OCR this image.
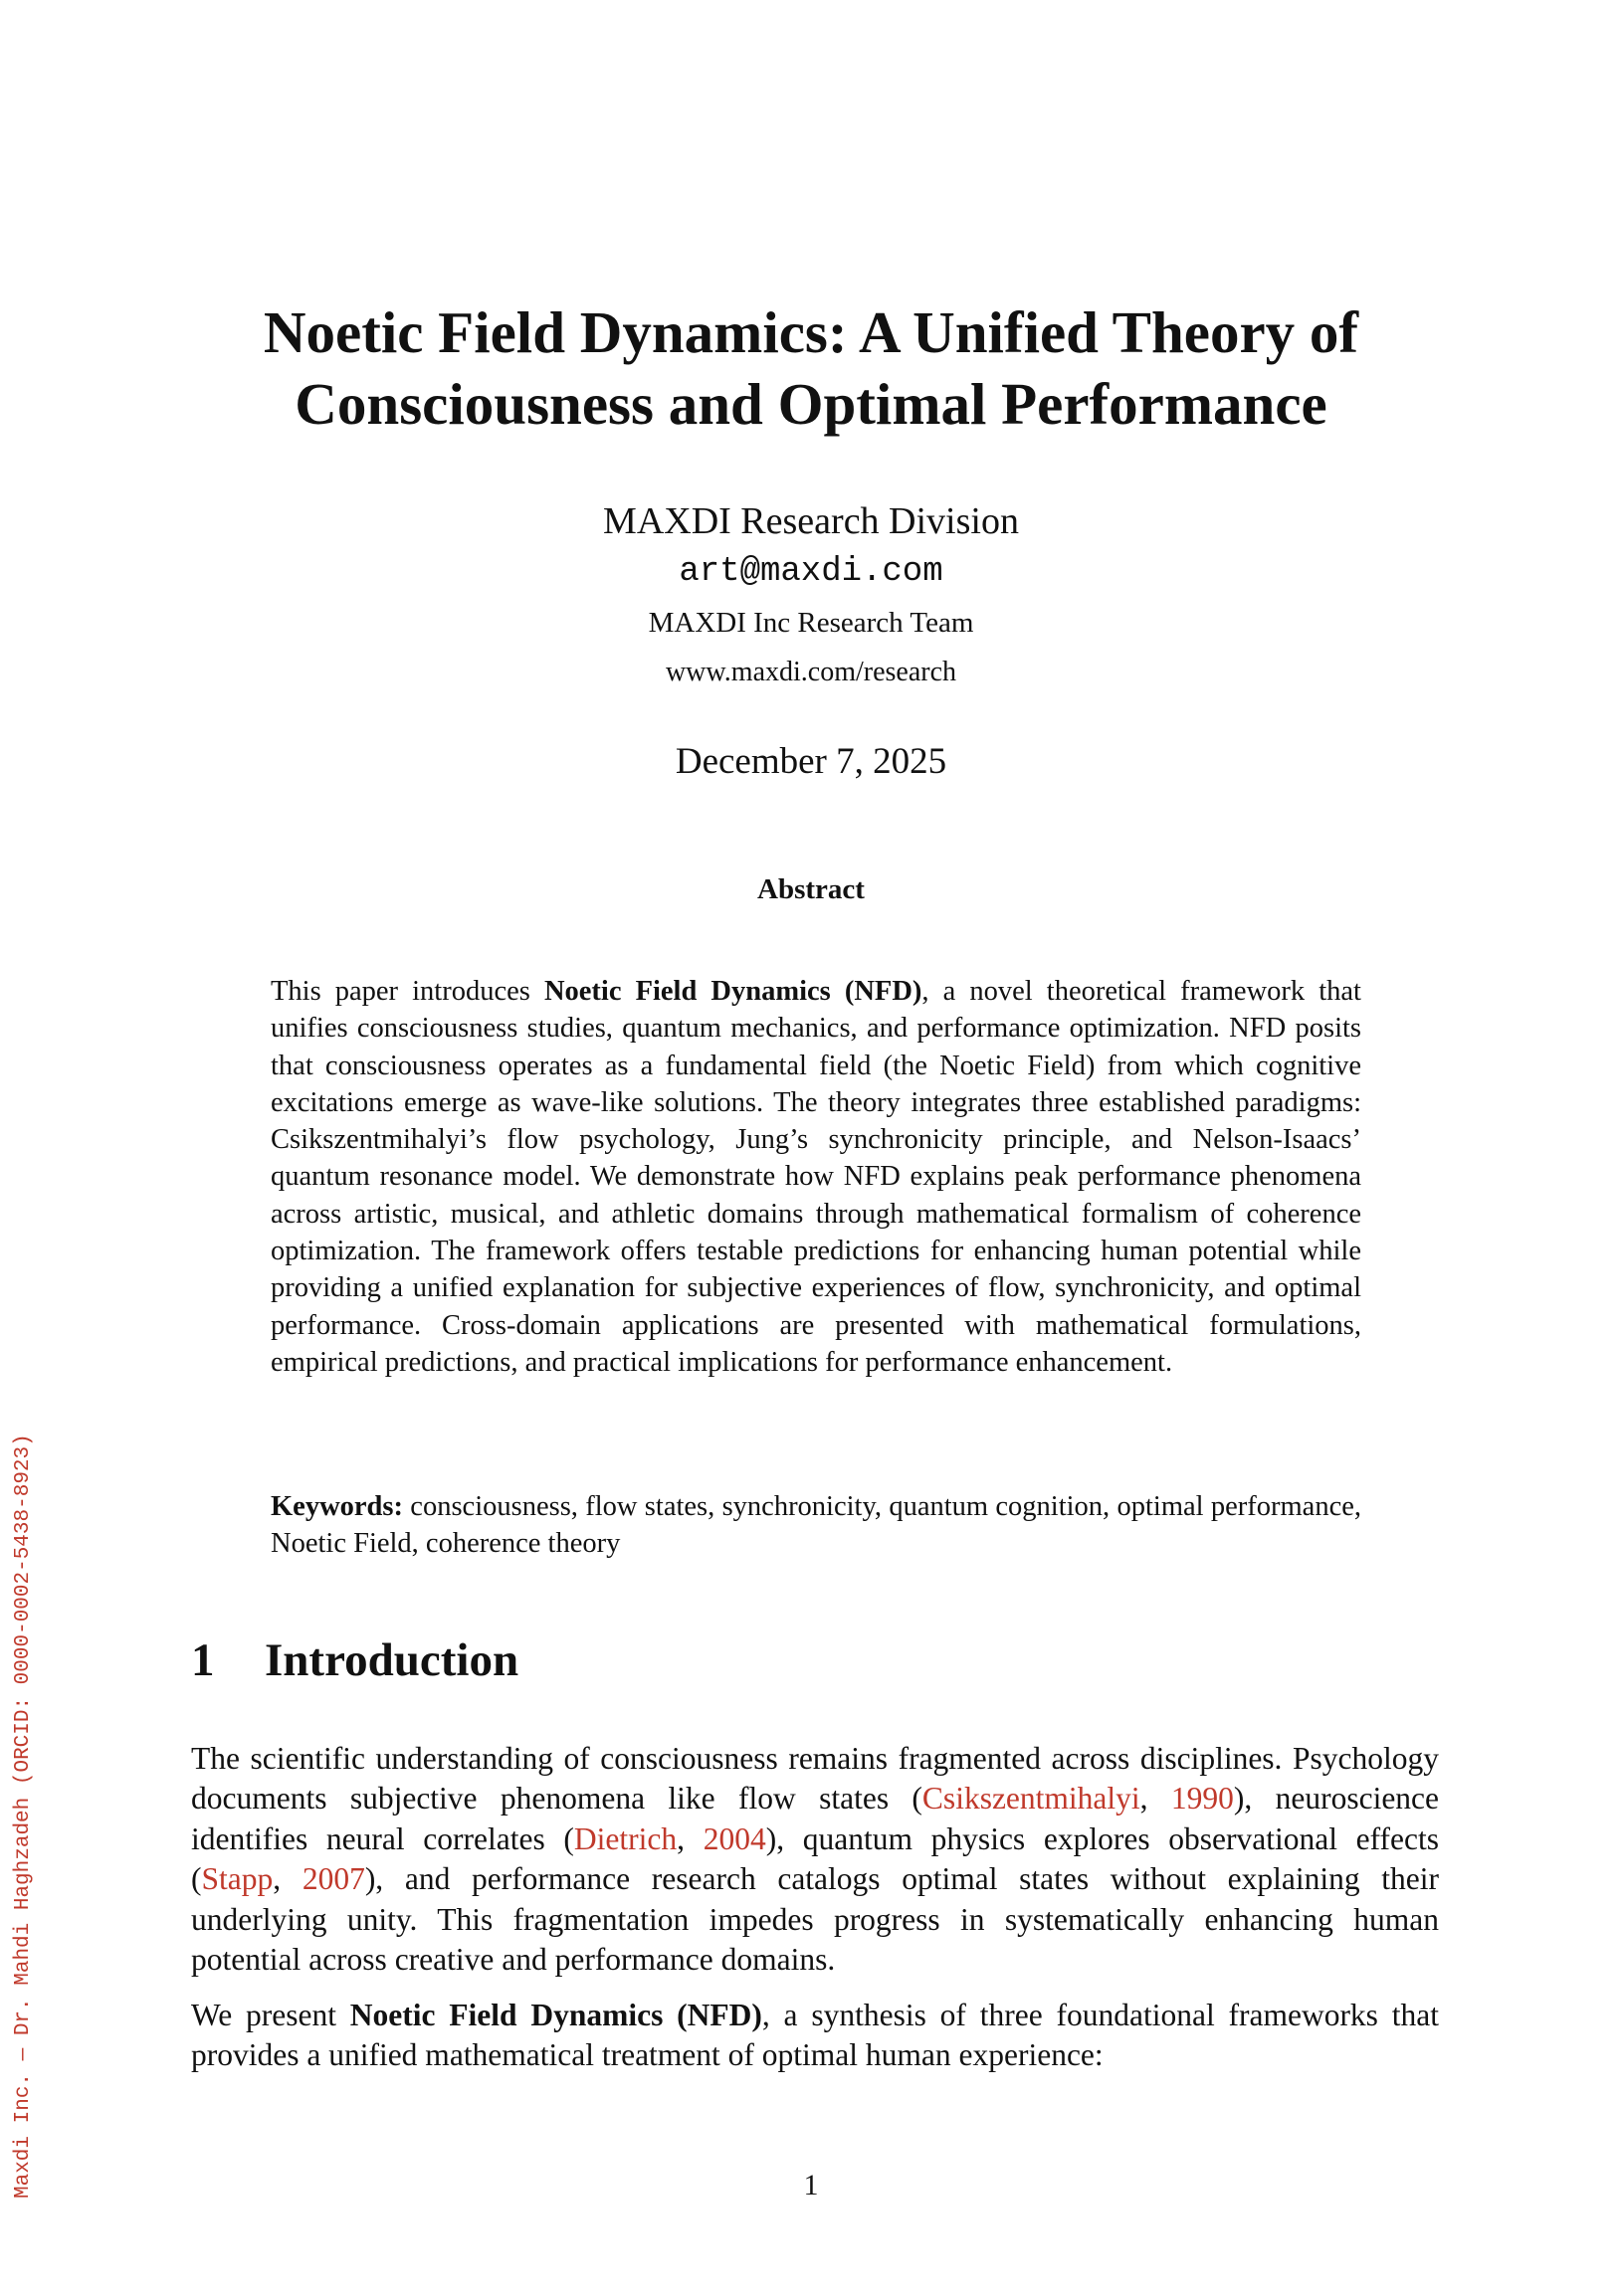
Noetic Field Dynamics: A Unified Theory of Consciousness and Optimal Performance
MAXDI Research Division
art@maxdi.com
MAXDI Inc Research Team
www.maxdi.com/research
December 7, 2025
Abstract
This paper introduces Noetic Field Dynamics (NFD), a novel theoretical framework that unifies consciousness studies, quantum mechanics, and performance optimization. NFD posits that consciousness operates as a fundamental field (the Noetic Field) from which cognitive excitations emerge as wave-like solutions. The theory integrates three established paradigms: Csikszentmihalyi’s flow psychology, Jung’s synchronicity principle, and Nelson-Isaacs’ quantum resonance model. We demonstrate how NFD explains peak performance phenomena across artistic, musical, and athletic domains through mathematical formalism of coherence optimization. The framework offers testable predictions for enhancing human potential while providing a unified explanation for subjective experiences of flow, synchronicity, and optimal performance. Cross-domain applications are presented with mathematical formulations, empirical predictions, and practical implications for performance enhancement.
Keywords: consciousness, flow states, synchronicity, quantum cognition, optimal performance, Noetic Field, coherence theory
1 Introduction
The scientific understanding of consciousness remains fragmented across disciplines. Psychology documents subjective phenomena like flow states (Csikszentmihalyi, 1990), neuroscience identifies neural correlates (Dietrich, 2004), quantum physics explores observational effects (Stapp, 2007), and performance research catalogs optimal states without explaining their underlying unity. This fragmentation impedes progress in systematically enhancing human potential across creative and performance domains.
We present Noetic Field Dynamics (NFD), a synthesis of three foundational frameworks that provides a unified mathematical treatment of optimal human experience:
1
Maxdi Inc. — Dr. Mahdi Haghzadeh (ORCID: 0000-0002-5438-8923)
